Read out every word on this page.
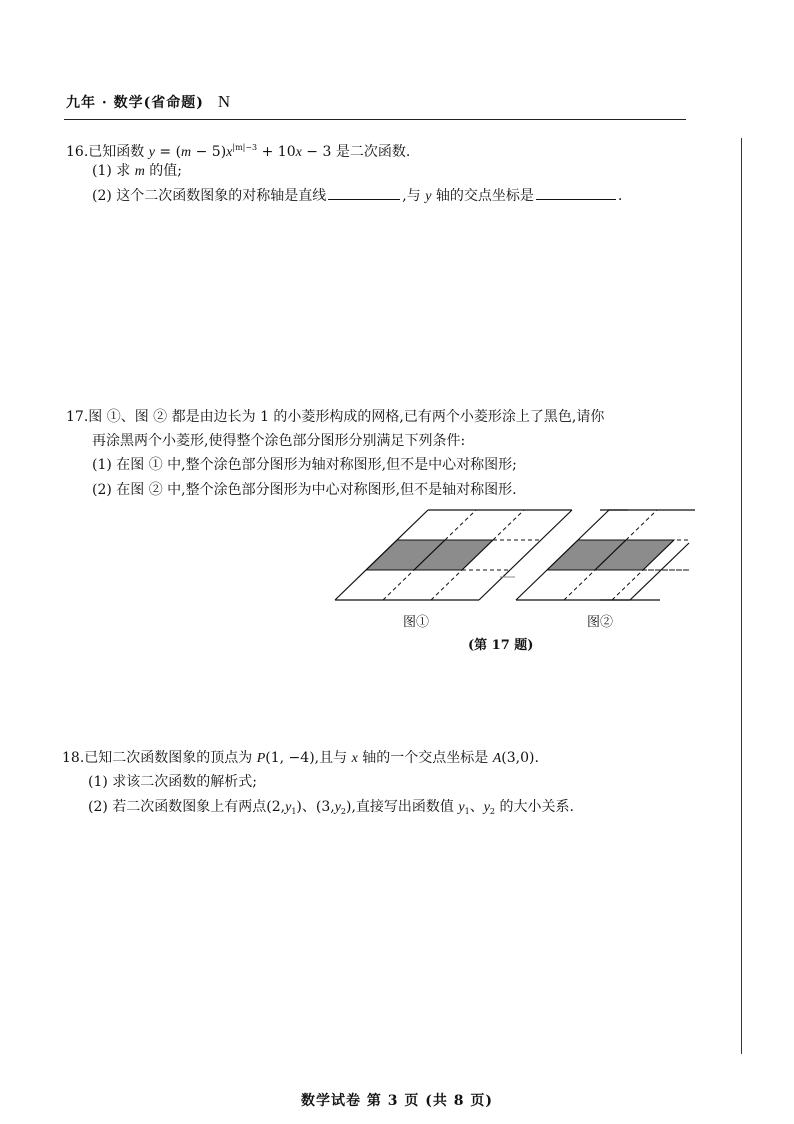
九年 · 数学(省命题) N
16.已知函数 $y = (m - 5)x^{|m|-3} + 10x - 3$ 是二次函数.
(1) 求 m 的值;
(2) 这个二次函数图象的对称轴是直线	,与 y 轴的交点坐标是	.
17.图 ①、图 ② 都是由边长为 1 的小菱形构成的网格,已有两个小菱形涂上了黑色,请你
再涂黑两个小菱形,使得整个涂色部分图形分别满足下列条件:
(1) 在图 ① 中,整个涂色部分图形为轴对称图形,但不是中心对称图形;
(2) 在图 ② 中,整个涂色部分图形为中心对称图形,但不是轴对称图形.
图①	图②
(第 17 题)
18.已知二次函数图象的顶点为 P(1, −4),且与 x 轴的一个交点坐标是 A(3,0).
(1) 求该二次函数的解析式;
(2) 若二次函数图象上有两点$(2,y_1)$、$(3,y_2)$,直接写出函数值 $y_1$、$y_2$ 的大小关系.
数学试卷 第 3 页 (共 8 页)
